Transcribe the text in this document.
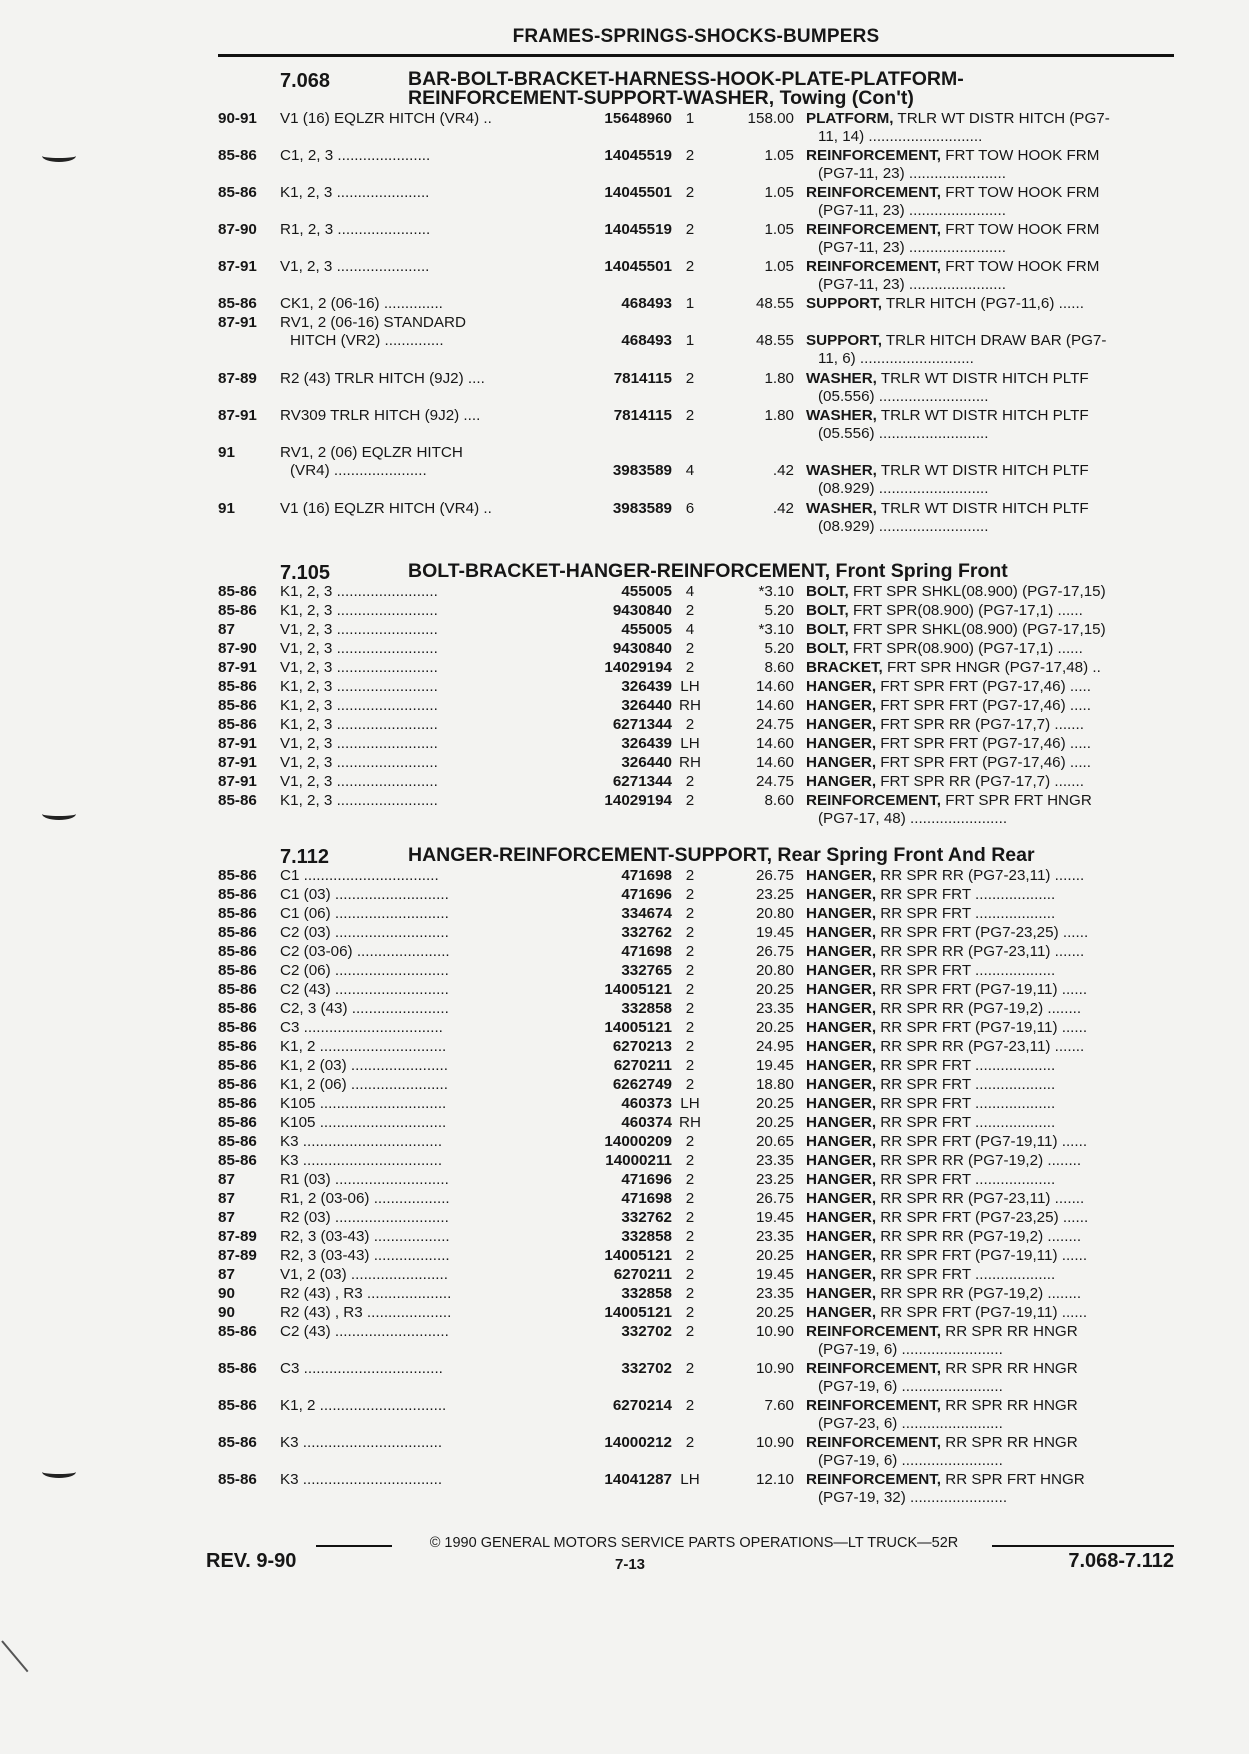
FRAMES-SPRINGS-SHOCKS-BUMPERS
7.068	BAR-BOLT-BRACKET-HARNESS-HOOK-PLATE-PLATFORM-
REINFORCEMENT-SUPPORT-WASHER, Towing (Con't)
90-91	V1 (16) EQLZR HITCH (VR4) ..	15648960 1	158.00 PLATFORM, TRLR WT DISTR HITCH (PG7-
11, 14) ...........................
85-86	C1, 2, 3 ......................	14045519 2	1.05 REINFORCEMENT, FRT TOW HOOK FRM
(PG7-11, 23) .......................
85-86	K1, 2, 3 ......................	14045501 2	1.05 REINFORCEMENT, FRT TOW HOOK FRM
(PG7-11, 23) .......................
87-90	R1, 2, 3 ......................	14045519 2	1.05 REINFORCEMENT, FRT TOW HOOK FRM
(PG7-11, 23) .......................
87-91	V1, 2, 3 ......................	14045501 2	1.05 REINFORCEMENT, FRT TOW HOOK FRM
(PG7-11, 23) .......................
85-86	CK1, 2 (06-16) ..............	468493 1	48.55 SUPPORT, TRLR HITCH (PG7-11,6) ......
87-91	RV1, 2 (06-16) STANDARD
HITCH (VR2) ..............	468493 1	48.55 SUPPORT, TRLR HITCH DRAW BAR (PG7-
11, 6) ...........................
87-89	R2 (43) TRLR HITCH (9J2) ....	7814115 2	1.80 WASHER, TRLR WT DISTR HITCH PLTF
(05.556) ..........................
87-91	RV309 TRLR HITCH (9J2) ....	7814115 2	1.80 WASHER, TRLR WT DISTR HITCH PLTF
(05.556) ..........................
91	RV1, 2 (06) EQLZR HITCH
(VR4) ......................	3983589 4	.42 WASHER, TRLR WT DISTR HITCH PLTF
(08.929) ..........................
91	V1 (16) EQLZR HITCH (VR4) ..	3983589 6	.42 WASHER, TRLR WT DISTR HITCH PLTF
(08.929) ..........................
7.105	BOLT-BRACKET-HANGER-REINFORCEMENT, Front Spring Front
85-86	K1, 2, 3 ........................	455005 4	*3.10 BOLT, FRT SPR SHKL(08.900) (PG7-17,15)
85-86	K1, 2, 3 ........................	9430840 2	5.20 BOLT, FRT SPR(08.900) (PG7-17,1) ......
87	V1, 2, 3 ........................	455005 4	*3.10 BOLT, FRT SPR SHKL(08.900) (PG7-17,15)
87-90	V1, 2, 3 ........................	9430840 2	5.20 BOLT, FRT SPR(08.900) (PG7-17,1) ......
87-91	V1, 2, 3 ........................	14029194 2	8.60 BRACKET, FRT SPR HNGR (PG7-17,48) ..
85-86	K1, 2, 3 ........................	326439 LH	14.60 HANGER, FRT SPR FRT (PG7-17,46) .....
85-86	K1, 2, 3 ........................	326440 RH	14.60 HANGER, FRT SPR FRT (PG7-17,46) .....
85-86	K1, 2, 3 ........................	6271344 2	24.75 HANGER, FRT SPR RR (PG7-17,7) .......
87-91	V1, 2, 3 ........................	326439 LH	14.60 HANGER, FRT SPR FRT (PG7-17,46) .....
87-91	V1, 2, 3 ........................	326440 RH	14.60 HANGER, FRT SPR FRT (PG7-17,46) .....
87-91	V1, 2, 3 ........................	6271344 2	24.75 HANGER, FRT SPR RR (PG7-17,7) .......
85-86	K1, 2, 3 ........................	14029194 2	8.60 REINFORCEMENT, FRT SPR FRT HNGR
(PG7-17, 48) .......................
7.112	HANGER-REINFORCEMENT-SUPPORT, Rear Spring Front And Rear
85-86	C1 ................................	471698 2	26.75 HANGER, RR SPR RR (PG7-23,11) .......
85-86	C1 (03) ...........................	471696 2	23.25 HANGER, RR SPR FRT ...................
85-86	C1 (06) ...........................	334674 2	20.80 HANGER, RR SPR FRT ...................
85-86	C2 (03) ...........................	332762 2	19.45 HANGER, RR SPR FRT (PG7-23,25) ......
85-86	C2 (03-06) ......................	471698 2	26.75 HANGER, RR SPR RR (PG7-23,11) .......
85-86	C2 (06) ...........................	332765 2	20.80 HANGER, RR SPR FRT ...................
85-86	C2 (43) ...........................	14005121 2	20.25 HANGER, RR SPR FRT (PG7-19,11) ......
85-86	C2, 3 (43) .......................	332858 2	23.35 HANGER, RR SPR RR (PG7-19,2) ........
85-86	C3 .................................	14005121 2	20.25 HANGER, RR SPR FRT (PG7-19,11) ......
85-86	K1, 2 ..............................	6270213 2	24.95 HANGER, RR SPR RR (PG7-23,11) .......
85-86	K1, 2 (03) .......................	6270211 2	19.45 HANGER, RR SPR FRT ...................
85-86	K1, 2 (06) .......................	6262749 2	18.80 HANGER, RR SPR FRT ...................
85-86	K105 ..............................	460373 LH	20.25 HANGER, RR SPR FRT ...................
85-86	K105 ..............................	460374 RH	20.25 HANGER, RR SPR FRT ...................
85-86	K3 .................................	14000209 2	20.65 HANGER, RR SPR FRT (PG7-19,11) ......
85-86	K3 .................................	14000211 2	23.35 HANGER, RR SPR RR (PG7-19,2) ........
87	R1 (03) ...........................	471696 2	23.25 HANGER, RR SPR FRT ...................
87	R1, 2 (03-06) ..................	471698 2	26.75 HANGER, RR SPR RR (PG7-23,11) .......
87	R2 (03) ...........................	332762 2	19.45 HANGER, RR SPR FRT (PG7-23,25) ......
87-89	R2, 3 (03-43) ..................	332858 2	23.35 HANGER, RR SPR RR (PG7-19,2) ........
87-89	R2, 3 (03-43) ..................	14005121 2	20.25 HANGER, RR SPR FRT (PG7-19,11) ......
87	V1, 2 (03) .......................	6270211 2	19.45 HANGER, RR SPR FRT ...................
90	R2 (43) , R3 ....................	332858 2	23.35 HANGER, RR SPR RR (PG7-19,2) ........
90	R2 (43) , R3 ....................	14005121 2	20.25 HANGER, RR SPR FRT (PG7-19,11) ......
85-86	C2 (43) ...........................	332702 2	10.90 REINFORCEMENT, RR SPR RR HNGR
(PG7-19, 6) ........................
85-86	C3 .................................	332702 2	10.90 REINFORCEMENT, RR SPR RR HNGR
(PG7-19, 6) ........................
85-86	K1, 2 ..............................	6270214 2	7.60 REINFORCEMENT, RR SPR RR HNGR
(PG7-23, 6) ........................
85-86	K3 .................................	14000212 2	10.90 REINFORCEMENT, RR SPR RR HNGR
(PG7-19, 6) ........................
85-86	K3 .................................	14041287 LH	12.10 REINFORCEMENT, RR SPR FRT HNGR
(PG7-19, 32) .......................
© 1990 GENERAL MOTORS SERVICE PARTS OPERATIONS—LT TRUCK—52R
REV. 9-90	7-13	7.068-7.112
